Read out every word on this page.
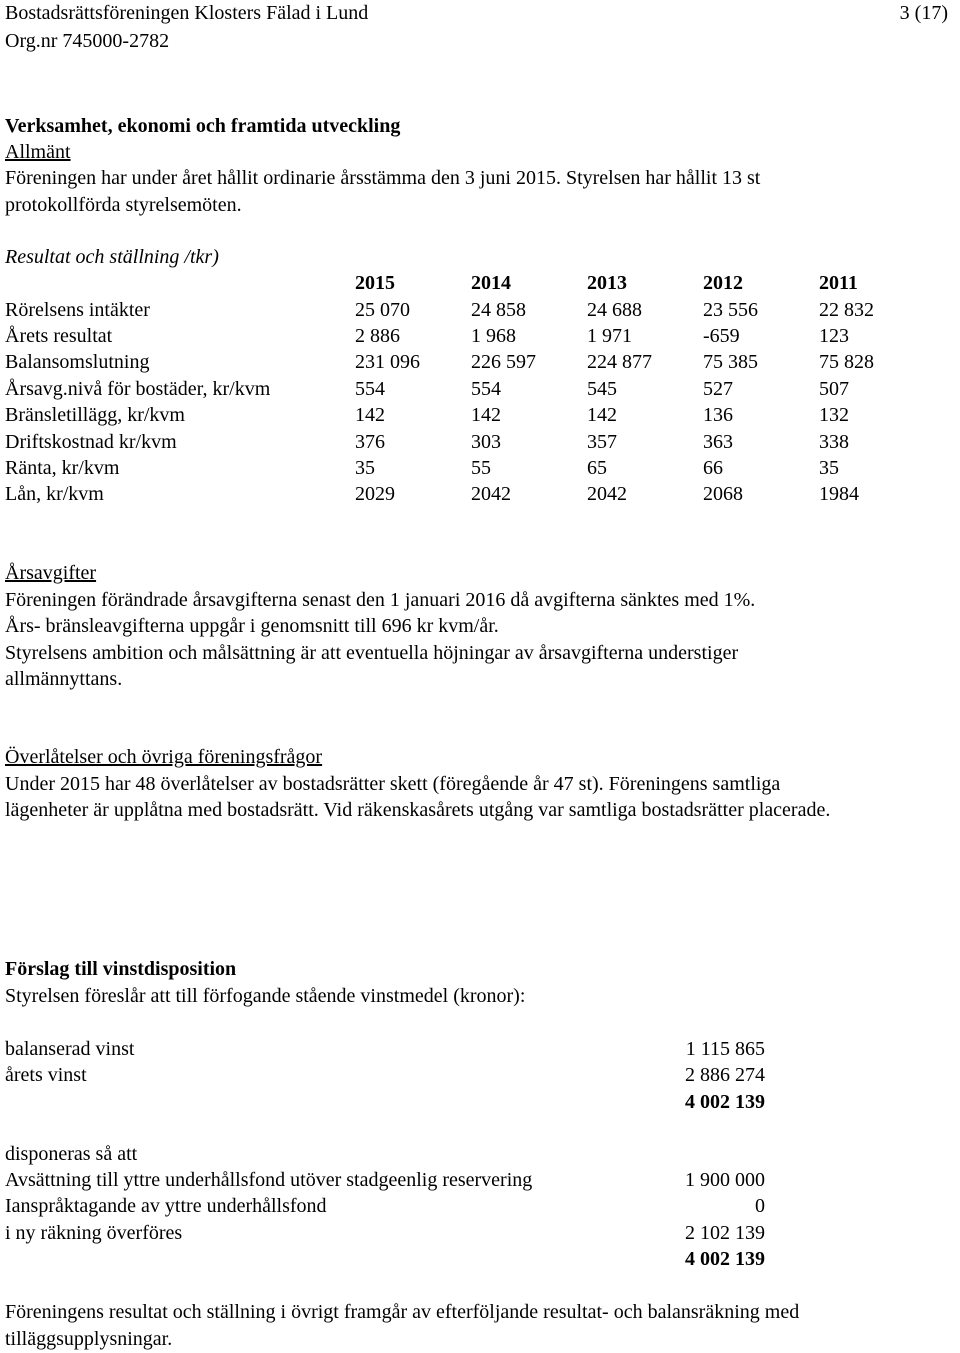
Bostadsrättsföreningen Klosters Fälad i Lund	3 (17)
Org.nr 745000-2782
Verksamhet, ekonomi och framtida utveckling
Allmänt
Föreningen har under året hållit ordinarie årsstämma den 3 juni 2015. Styrelsen har hållit 13 st
protokollförda styrelsemöten.
Resultat och ställning /tkr)
	2015	2014	2013	2012	2011
Rörelsens intäkter	25 070	24 858	24 688	23 556	22 832
Årets resultat	2 886	1 968	1 971	-659	123
Balansomslutning	231 096	226 597	224 877	75 385	75 828
Årsavg.nivå för bostäder, kr/kvm	554	554	545	527	507
Bränsletillägg, kr/kvm	142	142	142	136	132
Driftskostnad kr/kvm	376	303	357	363	338
Ränta, kr/kvm	35	55	65	66	35
Lån, kr/kvm	2029	2042	2042	2068	1984
Årsavgifter
Föreningen förändrade årsavgifterna senast den 1 januari 2016 då avgifterna sänktes med 1%.
Års- bränsleavgifterna uppgår i genomsnitt till 696 kr kvm/år.
Styrelsens ambition och målsättning är att eventuella höjningar av årsavgifterna understiger
allmännyttans.
Överlåtelser och övriga föreningsfrågor
Under 2015 har 48 överlåtelser av bostadsrätter skett (föregående år 47 st). Föreningens samtliga
lägenheter är upplåtna med bostadsrätt. Vid räkenskasårets utgång var samtliga bostadsrätter placerade.
Förslag till vinstdisposition
Styrelsen föreslår att till förfogande stående vinstmedel (kronor):
balanserad vinst	1 115 865
årets vinst	2 886 274
4 002 139
disponeras så att
Avsättning till yttre underhållsfond utöver stadgeenlig reservering	1 900 000
Ianspråktagande av yttre underhållsfond	0
i ny räkning överföres	2 102 139
4 002 139
Föreningens resultat och ställning i övrigt framgår av efterföljande resultat- och balansräkning med
tilläggsupplysningar.
